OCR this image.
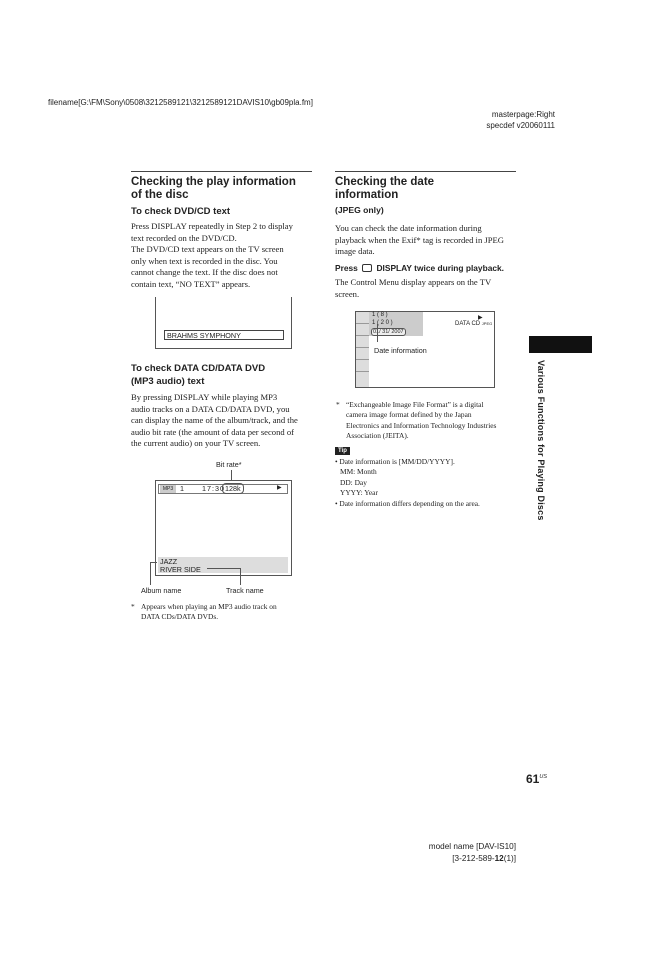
filename[G:\FM\Sony\0508\3212589121\3212589121DAVIS10\gb09pla.fm]
masterpage:Right
specdef v20060111
Checking the play information
of the disc
To check DVD/CD text
Press DISPLAY repeatedly in Step 2 to display
text recorded on the DVD/CD.
The DVD/CD text appears on the TV screen
only when text is recorded in the disc. You
cannot change the text. If the disc does not
contain text, “NO TEXT” appears.
BRAHMS SYMPHONY
To check DATA CD/DATA DVD
(MP3 audio) text
By pressing DISPLAY while playing MP3
audio tracks on a DATA CD/DATA DVD, you
can display the name of the album/track, and the
audio bit rate (the amount of data per second of
the current audio) on your TV screen.
Bit rate*
MP3 1	17:30 128k	▶
JAZZ
RIVER SIDE
Album name	Track name
* Appears when playing an MP3 audio track on
DATA CDs/DATA DVDs.
Checking the date
information
(JPEG only)
You can check the date information during
playback when the Exif* tag is recorded in JPEG
image data.
Press DISPLAY twice during playback.
The Control Menu display appears on the TV
screen.
1 ( 8 )
1 ( 2 0 )
01/ 31/ 2007
▶
DATA CD JPEG
Date information
* “Exchangeable Image File Format” is a digital
camera image format defined by the Japan
Electronics and Information Technology Industries
Association (JEITA).
Tip
• Date information is [MM/DD/YYYY].
MM: Month
DD: Day
YYYY: Year
• Date information differs depending on the area.	Various Functions for Playing Discs
$61^{US}$
model name [DAV-IS10]
[3-212-589-12(1)]
